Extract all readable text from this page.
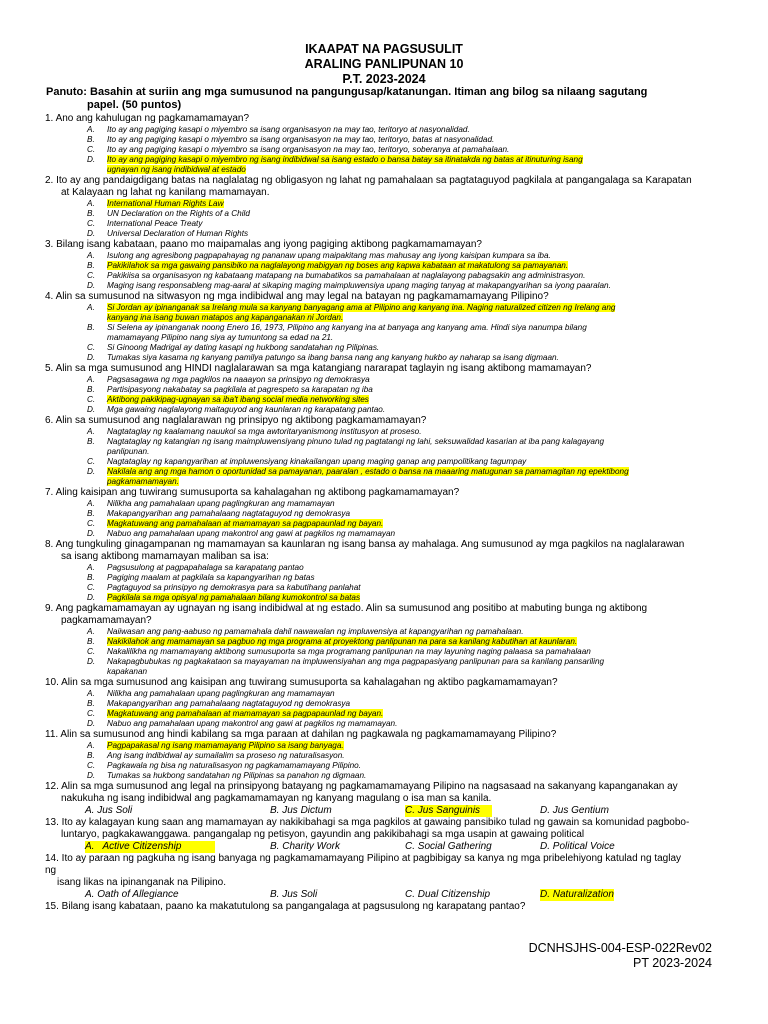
IKAAPAT NA PAGSUSULIT
ARALING PANLIPUNAN 10
P.T. 2023-2024
Panuto: Basahin at suriin ang mga sumusunod na pangungusap/katanungan. Itiman ang bilog sa nilaang sagutang
papel. (50 puntos)
1. Ano ang kahulugan ng pagkamamamayan?
A. Ito ay ang pagiging kasapi o miyembro sa isang organisasyon na may tao, teritoryo at nasyonalidad.
B. Ito ay ang pagiging kasapi o miyembro sa isang organisasyon na may tao, teritoryo, batas at nasyonalidad.
C. Ito ay ang pagiging kasapi o miyembro sa isang organisasyon na may tao, teritoryo, soberanya at pamahalaan.
D. Ito ay ang pagiging kasapi o miyembro ng isang indibidwal sa isang estado o bansa batay sa itinatakda ng batas at itinuturing isang
ugnayan ng isang indibidwal at estado
2. Ito ay ang pandaigdigang batas na naglalatag ng obligasyon ng lahat ng pamahalaan sa pagtataguyod pagkilala at pangangalaga sa Karapatan
at Kalayaan ng lahat ng kanilang mamamayan.
A. International Human Rights Law
B. UN Declaration on the Rights of a Child
C. International Peace Treaty
D. Universal Declaration of Human Rights
3. Bilang isang kabataan, paano mo maipamalas ang iyong pagiging aktibong pagkamamamayan?
A. Isulong ang agresibong pagpapahayag ng pananaw upang maipakitang mas mahusay ang iyong kaisipan kumpara sa iba.
B. Pakikilahok sa mga gawaing pansibiko na naglalayong mabigyan ng boses ang kapwa kabataan at makatulong sa pamayanan.
C. Pakikiisa sa organisasyon ng kabataang matapang na bumabatikos sa pamahalaan at naglalayong pabagsakin ang administrasyon.
D. Maging isang responsableng mag-aaral at sikaping maging maimpluwensiya upang maging tanyag at makapangyarihan sa iyong paaralan.
4. Alin sa sumusunod na sitwasyon ng mga indibidwal ang may legal na batayan ng pagkamamamayang Pilipino?
A. Si Jordan ay ipinanganak sa Irelang mula sa kanyang banyagang ama at Pilipino ang kanyang ina. Naging naturalized citizen ng Irelang ang
kanyang ina isang buwan matapos ang kapanganakan ni Jordan.
B. Si Selena ay ipinanganak noong Enero 16, 1973, Pilipino ang kanyang ina at banyaga ang kanyang ama. Hindi siya nanumpa bilang
mamamayang Pilipino nang siya ay tumuntong sa edad na 21.
C. Si Ginoong Madrigal ay dating kasapi ng hukbong sandatahan ng Pilipinas.
D. Tumakas siya kasama ng kanyang pamilya patungo sa ibang bansa nang ang kanyang hukbo ay naharap sa isang digmaan.
5. Alin sa mga sumusunod ang HINDI naglalarawan sa mga katangiang nararapat taglayin ng isang aktibong mamamayan?
A. Pagsasagawa ng mga pagkilos na naaayon sa prinsipyo ng demokrasya
B. Partisipasyong nakabatay sa pagkilala at pagrespeto sa karapatan ng iba
C. Aktibong pakikipag-ugnayan sa iba't ibang social media networking sites
D. Mga gawaing naglalayong maitaguyod ang kaunlaran ng karapatang pantao.
6. Alin sa sumusunod ang naglalarawan ng prinsipyo ng aktibong pagkamamamayan?
A. Nagtataglay ng kaalamang nauukol sa mga awtoritaryanismong institusyon at proseso.
B. Nagtataglay ng katangian ng isang maimpluwensiyang pinuno tulad ng pagtatangi ng lahi, seksuwalidad kasarian at iba pang kalagayang
panlipunan.
C. Nagtataglay ng kapangyarihan at impluwensiyang kinakailangan upang maging ganap ang pampolitikang tagumpay
D. Nakilala ang ang mga hamon o oportunidad sa pamayanan, paaralan , estado o bansa na maaaring matugunan sa pamamagitan ng epektibong
pagkamamamayan.
7. Aling kaisipan ang tuwirang sumusuporta sa kahalagahan ng aktibong pagkamamamayan?
A. Nilikha ang pamahalaan upang paglingkuran ang mamamayan
B. Makapangyarihan ang pamahalaang nagtataguyod ng demokrasya
C. Magkatuwang ang pamahalaan at mamamayan sa pagpapaunlad ng bayan.
D. Nabuo ang pamahalaan upang makontrol ang gawi at pagkilos ng mamamayan
8. Ang tungkuling ginagampanan ng mamamayan sa kaunlaran ng isang bansa ay mahalaga. Ang sumusunod ay mga pagkilos na naglalarawan
sa isang aktibong mamamayan maliban sa isa:
A. Pagsusulong at pagpapahalaga sa karapatang pantao
B. Pagiging maalam at pagkilala sa kapangyarihan ng batas
C. Pagtaguyod sa prinsipyo ng demokrasya para sa kabutihang panlahat
D. Pagkilala sa mga opisyal ng pamahalaan bilang kumokontrol sa batas
9. Ang pagkamamamayan ay ugnayan ng isang indibidwal at ng estado. Alin sa sumusunod ang positibo at mabuting bunga ng aktibong
pagkamamamayan?
A. Naiiwasan ang pang-aabuso ng pamamahala dahil nawawalan ng impluwensiya at kapangyarihan ng pamahalaan.
B. Nakikilahok ang mamamayan sa pagbuo ng mga programa at proyektong panlipunan na para sa kanilang kabutihan at kaunlaran.
C. Nakalilikha ng mamamayang aktibong sumusuporta sa mga programang panlipunan na may layuning naging palaasa sa pamahalaan
D. Nakapagbubukas ng pagkakataon sa mayayaman na impluwensiyahan ang mga pagpapasiyang panlipunan para sa kanilang pansariling
kapakanan
10. Alin sa mga sumusunod ang kaisipan ang tuwirang sumusuporta sa kahalagahan ng aktibo pagkamamamayan?
A. Nilikha ang pamahalaan upang paglingkuran ang mamamayan
B. Makapangyarihan ang pamahalaang nagtataguyod ng demokrasya
C. Magkatuwang ang pamahalaan at mamamayan sa pagpapaunlad ng bayan.
D. Nabuo ang pamahalaan upang makontrol ang gawi at pagkilos ng mamamayan.
11. Alin sa sumusunod ang hindi kabilang sa mga paraan at dahilan ng pagkawala ng pagkamamamayang Pilipino?
A. Pagpapakasal ng isang mamamayang Pilipino sa isang banyaga.
B. Ang isang indibidwal ay sumailalim sa proseso ng naturalisasyon.
C. Pagkawala ng bisa ng naturalisasyon ng pagkamamamayang Pilipino.
D. Tumakas sa hukbong sandatahan ng Pilipinas sa panahon ng digmaan.
12. Alin sa mga sumusunod ang legal na prinsipyong batayang ng pagkamamamayang Pilipino na nagsasaad na sakanyang kapanganakan ay
nakukuha ng isang indibidwal ang pagkamamamayan ng kanyang magulang o isa man sa kanila.
A. Jus Soli	B. Jus Dictum	C. Jus Sanguinis	D. Jus Gentium
13. Ito ay kalagayan kung saan ang mamamayan ay nakikibahagi sa mga pagkilos at gawaing pansibiko tulad ng gawain sa komunidad pagbobo-
luntaryo, pagkakawanggawa. pangangalap ng petisyon, gayundin ang pakikibahagi sa mga usapin at gawaing political
A. Active Citizenship	B. Charity Work	C. Social Gathering	D. Political Voice
14. Ito ay paraan ng pagkuha ng isang banyaga ng pagkamamamayang Pilipino at pagbibigay sa kanya ng mga pribelehiyong katulad ng taglay
ng
isang likas na ipinanganak na Pilipino.
A. Oath of Allegiance	B. Jus Soli	C. Dual Citizenship	D. Naturalization
15. Bilang isang kabataan, paano ka makatutulong sa pangangalaga at pagsusulong ng karapatang pantao?
DCNHSJHS-004-ESP-022Rev02
PT 2023-2024
